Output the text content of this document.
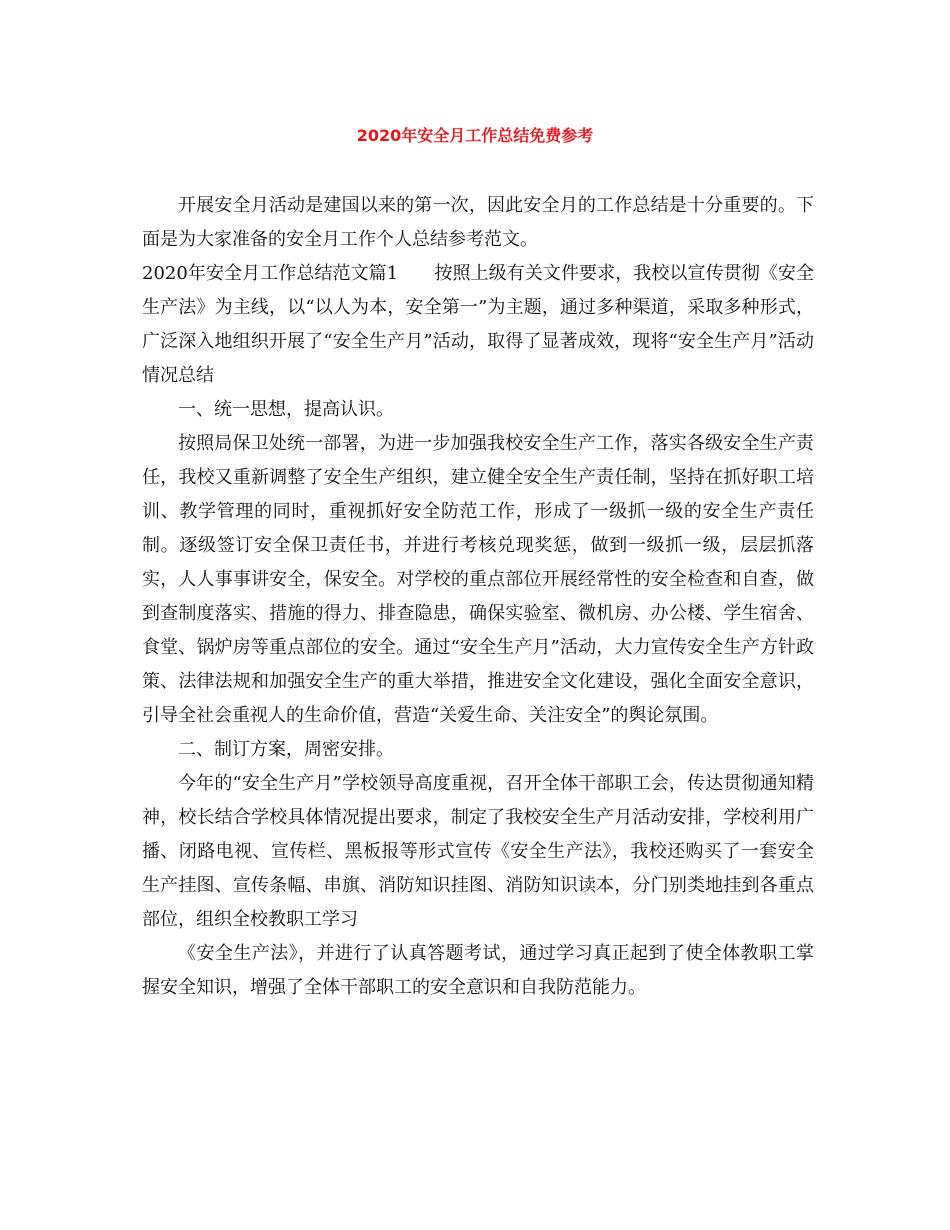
2020年安全月工作总结免费参考

开展安全月活动是建国以来的第一次，因此安全月的工作总结是十分重要的。下面是为大家准备的安全月工作个人总结参考范文。

2020年安全月工作总结范文篇1　　按照上级有关文件要求，我校以宣传贯彻《安全生产法》为主线，以“以人为本，安全第一”为主题，通过多种渠道，采取多种形式，广泛深入地组织开展了“安全生产月”活动，取得了显著成效，现将“安全生产月”活动情况总结

一、统一思想，提高认识。

按照局保卫处统一部署，为进一步加强我校安全生产工作，落实各级安全生产责任，我校又重新调整了安全生产组织，建立健全安全生产责任制，坚持在抓好职工培训、教学管理的同时，重视抓好安全防范工作，形成了一级抓一级的安全生产责任制。逐级签订安全保卫责任书，并进行考核兑现奖惩，做到一级抓一级，层层抓落实，人人事事讲安全，保安全。对学校的重点部位开展经常性的安全检查和自查，做到查制度落实、措施的得力、排查隐患，确保实验室、微机房、办公楼、学生宿舍、食堂、锅炉房等重点部位的安全。通过“安全生产月”活动，大力宣传安全生产方针政策、法律法规和加强安全生产的重大举措，推进安全文化建设，强化全面安全意识，引导全社会重视人的生命价值，营造“关爱生命、关注安全”的舆论氛围。

二、制订方案，周密安排。

今年的“安全生产月”学校领导高度重视，召开全体干部职工会，传达贯彻通知精神，校长结合学校具体情况提出要求，制定了我校安全生产月活动安排，学校利用广播、闭路电视、宣传栏、黑板报等形式宣传《安全生产法》，我校还购买了一套安全生产挂图、宣传条幅、串旗、消防知识挂图、消防知识读本，分门别类地挂到各重点部位，组织全校教职工学习

《安全生产法》，并进行了认真答题考试，通过学习真正起到了使全体教职工掌握安全知识，增强了全体干部职工的安全意识和自我防范能力。
